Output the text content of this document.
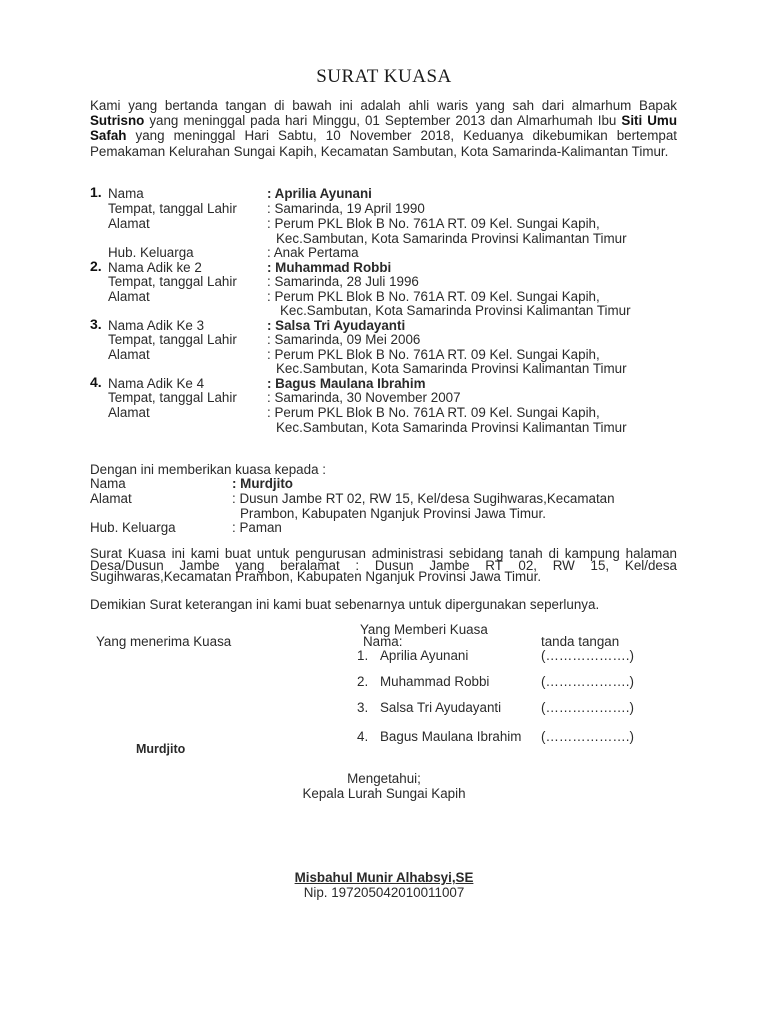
SURAT KUASA
Kami yang bertanda tangan di bawah ini adalah ahli waris yang sah dari almarhum Bapak Sutrisno yang meninggal pada hari Minggu, 01 September 2013 dan Almarhumah Ibu Siti Umu Safah yang meninggal Hari Sabtu, 10 November 2018, Keduanya dikebumikan bertempat Pemakaman Kelurahan Sungai Kapih, Kecamatan Sambutan, Kota Samarinda-Kalimantan Timur.
1. Nama	: Aprilia Ayunani
Tempat, tanggal Lahir : Samarinda, 19 April 1990
Alamat	: Perum PKL Blok B No. 761A RT. 09 Kel. Sungai Kapih,
Kec.Sambutan, Kota Samarinda Provinsi Kalimantan Timur
Hub. Keluarga	: Anak Pertama
2. Nama Adik ke 2	: Muhammad Robbi
Tempat, tanggal Lahir : Samarinda, 28 Juli 1996
Alamat	: Perum PKL Blok B No. 761A RT. 09 Kel. Sungai Kapih,
Kec.Sambutan, Kota Samarinda Provinsi Kalimantan Timur
3. Nama Adik Ke 3	: Salsa Tri Ayudayanti
Tempat, tanggal Lahir : Samarinda, 09 Mei 2006
Alamat	: Perum PKL Blok B No. 761A RT. 09 Kel. Sungai Kapih,
Kec.Sambutan, Kota Samarinda Provinsi Kalimantan Timur
4. Nama Adik Ke 4	: Bagus Maulana Ibrahim
Tempat, tanggal Lahir : Samarinda, 30 November 2007
Alamat	: Perum PKL Blok B No. 761A RT. 09 Kel. Sungai Kapih,
Kec.Sambutan, Kota Samarinda Provinsi Kalimantan Timur
Dengan ini memberikan kuasa kepada :
Nama	: Murdjito
Alamat	: Dusun Jambe RT 02, RW 15, Kel/desa Sugihwaras,Kecamatan
Prambon, Kabupaten Nganjuk Provinsi Jawa Timur.
Hub. Keluarga	: Paman
Surat Kuasa ini kami buat untuk pengurusan administrasi sebidang tanah di kampung halaman Desa/Dusun Jambe yang beralamat : Dusun Jambe RT 02, RW 15, Kel/desa Sugihwaras,Kecamatan Prambon, Kabupaten Nganjuk Provinsi Jawa Timur.
Demikian Surat keterangan ini kami buat sebenarnya untuk dipergunakan seperlunya.
Yang Memberi Kuasa
Yang menerima Kuasa	Nama:	tanda tangan
1. Aprilia Ayunani	(……………….)
2. Muhammad Robbi	(……………….)
3. Salsa Tri Ayudayanti	(……………….)
4. Bagus Maulana Ibrahim (……………….)
Murdjito
Mengetahui;
Kepala Lurah Sungai Kapih
Misbahul Munir Alhabsyi,SE
Nip. 197205042010011007
